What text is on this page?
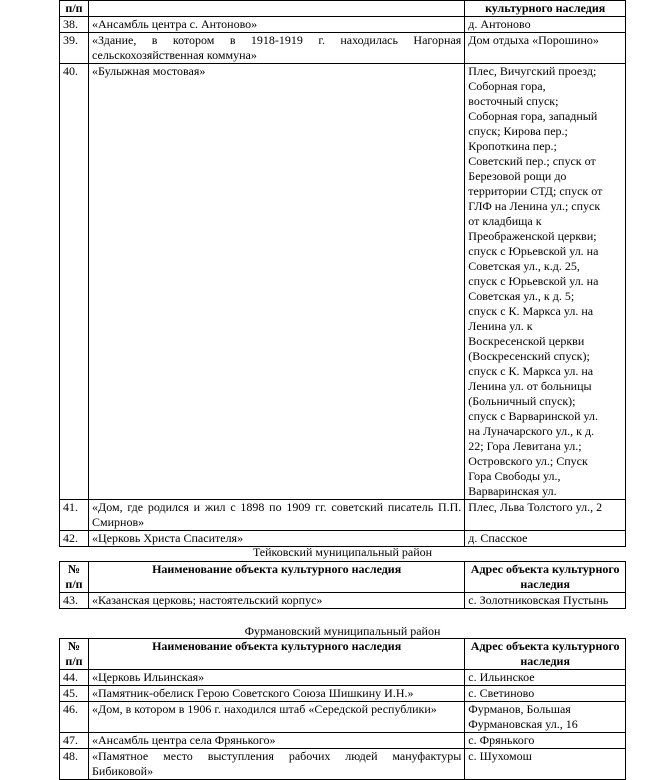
п/п		культурного наследия
38.	«Ансамбль центра с. Антоново»	д. Антоново
39.	«Здание, в котором в 1918-1919 г. находилась Нагорная сельскохозяйственная коммуна»	Дом отдыха «Порошино»
40.	«Булыжная мостовая»	Плес, Вичугский проезд; Соборная гора, восточный спуск; Соборная гора, западный спуск; Кирова пер.; Кропоткина пер.; Советский пер.; спуск от Березовой рощи до территории СТД; спуск от ГЛФ на Ленина ул.; спуск от кладбища к Преображенской церкви; спуск с Юрьевской ул. на Советская ул., к.д. 25, спуск с Юрьевской ул. на Советская ул., к д. 5; спуск с К. Маркса ул. на Ленина ул. к Воскресенской церкви (Воскресенский спуск); спуск с К. Маркса ул. на Ленина ул. от больницы (Больничный спуск); спуск с Варваринской ул. на Луначарского ул., к д. 22; Гора Левитана ул.; Островского ул.; Спуск Гора Свободы ул., Варваринская ул.
41.	«Дом, где родился и жил с 1898 по 1909 гг. советский писатель П.П. Смирнов»	Плес, Льва Толстого ул., 2
42.	«Церковь Христа Спасителя»	д. Спасское
Тейковский муниципальный район
№ п/п	Наименование объекта культурного наследия	Адрес объекта культурного наследия
43.	«Казанская церковь; настоятельский корпус»	с. Золотниковская Пустынь
Фурмановский муниципальный район
№ п/п	Наименование объекта культурного наследия	Адрес объекта культурного наследия
44.	«Церковь Ильинская»	с. Ильинское
45.	«Памятник-обелиск Герою Советского Союза Шишкину И.Н.»	с. Светиново
46.	«Дом, в котором в 1906 г. находился штаб «Середской республики»	Фурманов, Большая Фурмановская ул., 16
47.	«Ансамбль центра села Фрянького»	с. Фрянького
48.	«Памятное место выступления рабочих людей мануфактуры Бибиковой»	с. Шухомош
